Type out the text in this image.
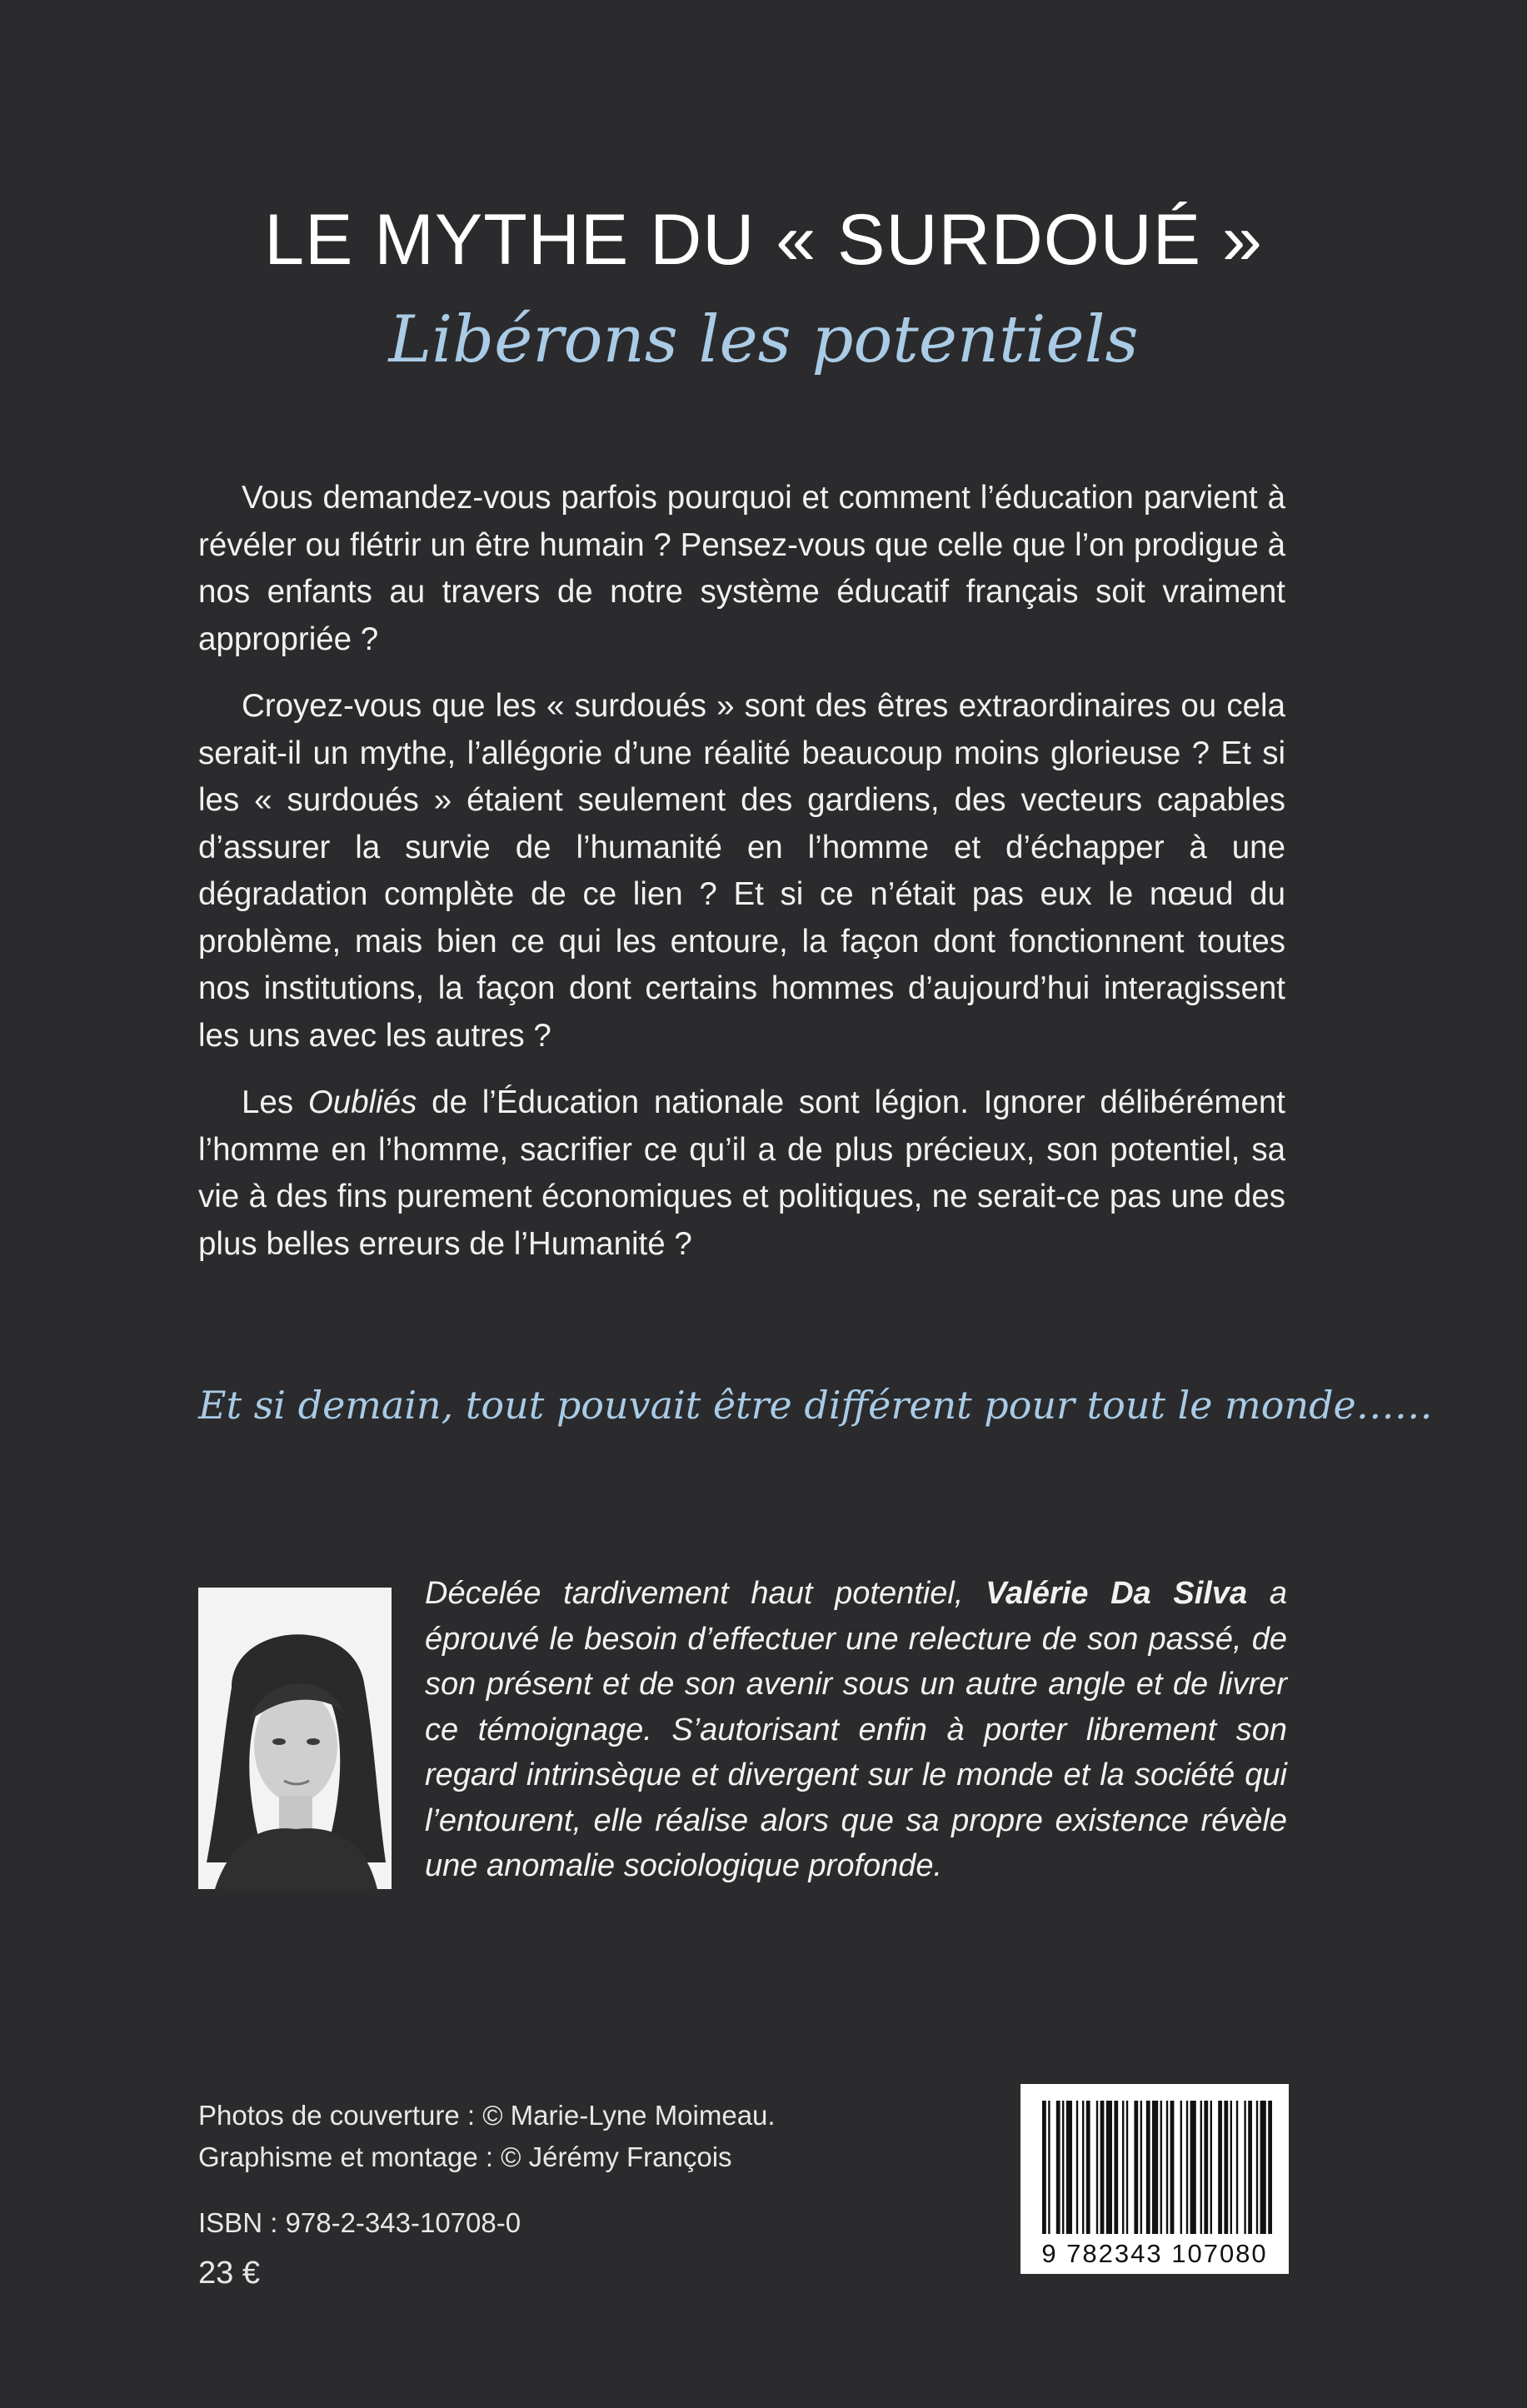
LE MYTHE DU « SURDOUÉ »
Libérons les potentiels

Vous demandez-vous parfois pourquoi et comment l’éducation parvient à révéler ou flétrir un être humain ? Pensez-vous que celle que l’on prodigue à nos enfants au travers de notre système éducatif français soit vraiment appropriée ?

Croyez-vous que les « surdoués » sont des êtres extraordinaires ou cela serait-il un mythe, l’allégorie d’une réalité beaucoup moins glorieuse ? Et si les « surdoués » étaient seulement des gardiens, des vecteurs capables d’assurer la survie de l’humanité en l’homme et d’échapper à une dégradation complète de ce lien ? Et si ce n’était pas eux le nœud du problème, mais bien ce qui les entoure, la façon dont fonctionnent toutes nos institutions, la façon dont certains hommes d’aujourd’hui interagissent les uns avec les autres ?

Les Oubliés de l’Éducation nationale sont légion. Ignorer délibérément l’homme en l’homme, sacrifier ce qu’il a de plus précieux, son potentiel, sa vie à des fins purement économiques et politiques, ne serait-ce pas une des plus belles erreurs de l’Humanité ?

Et si demain, tout pouvait être différent pour tout le monde……
Décelée tardivement haut potentiel, Valérie Da Silva a éprouvé le besoin d’effectuer une relecture de son passé, de son présent et de son avenir sous un autre angle et de livrer ce témoignage. S’autorisant enfin à porter librement son regard intrinsèque et divergent sur le monde et la société qui l’entourent, elle réalise alors que sa propre existence révèle une anomalie sociologique profonde.
Photos de couverture : © Marie-Lyne Moimeau.
Graphisme et montage : © Jérémy François
ISBN : 978-2-343-10708-0
23 €
9 782343 107080
